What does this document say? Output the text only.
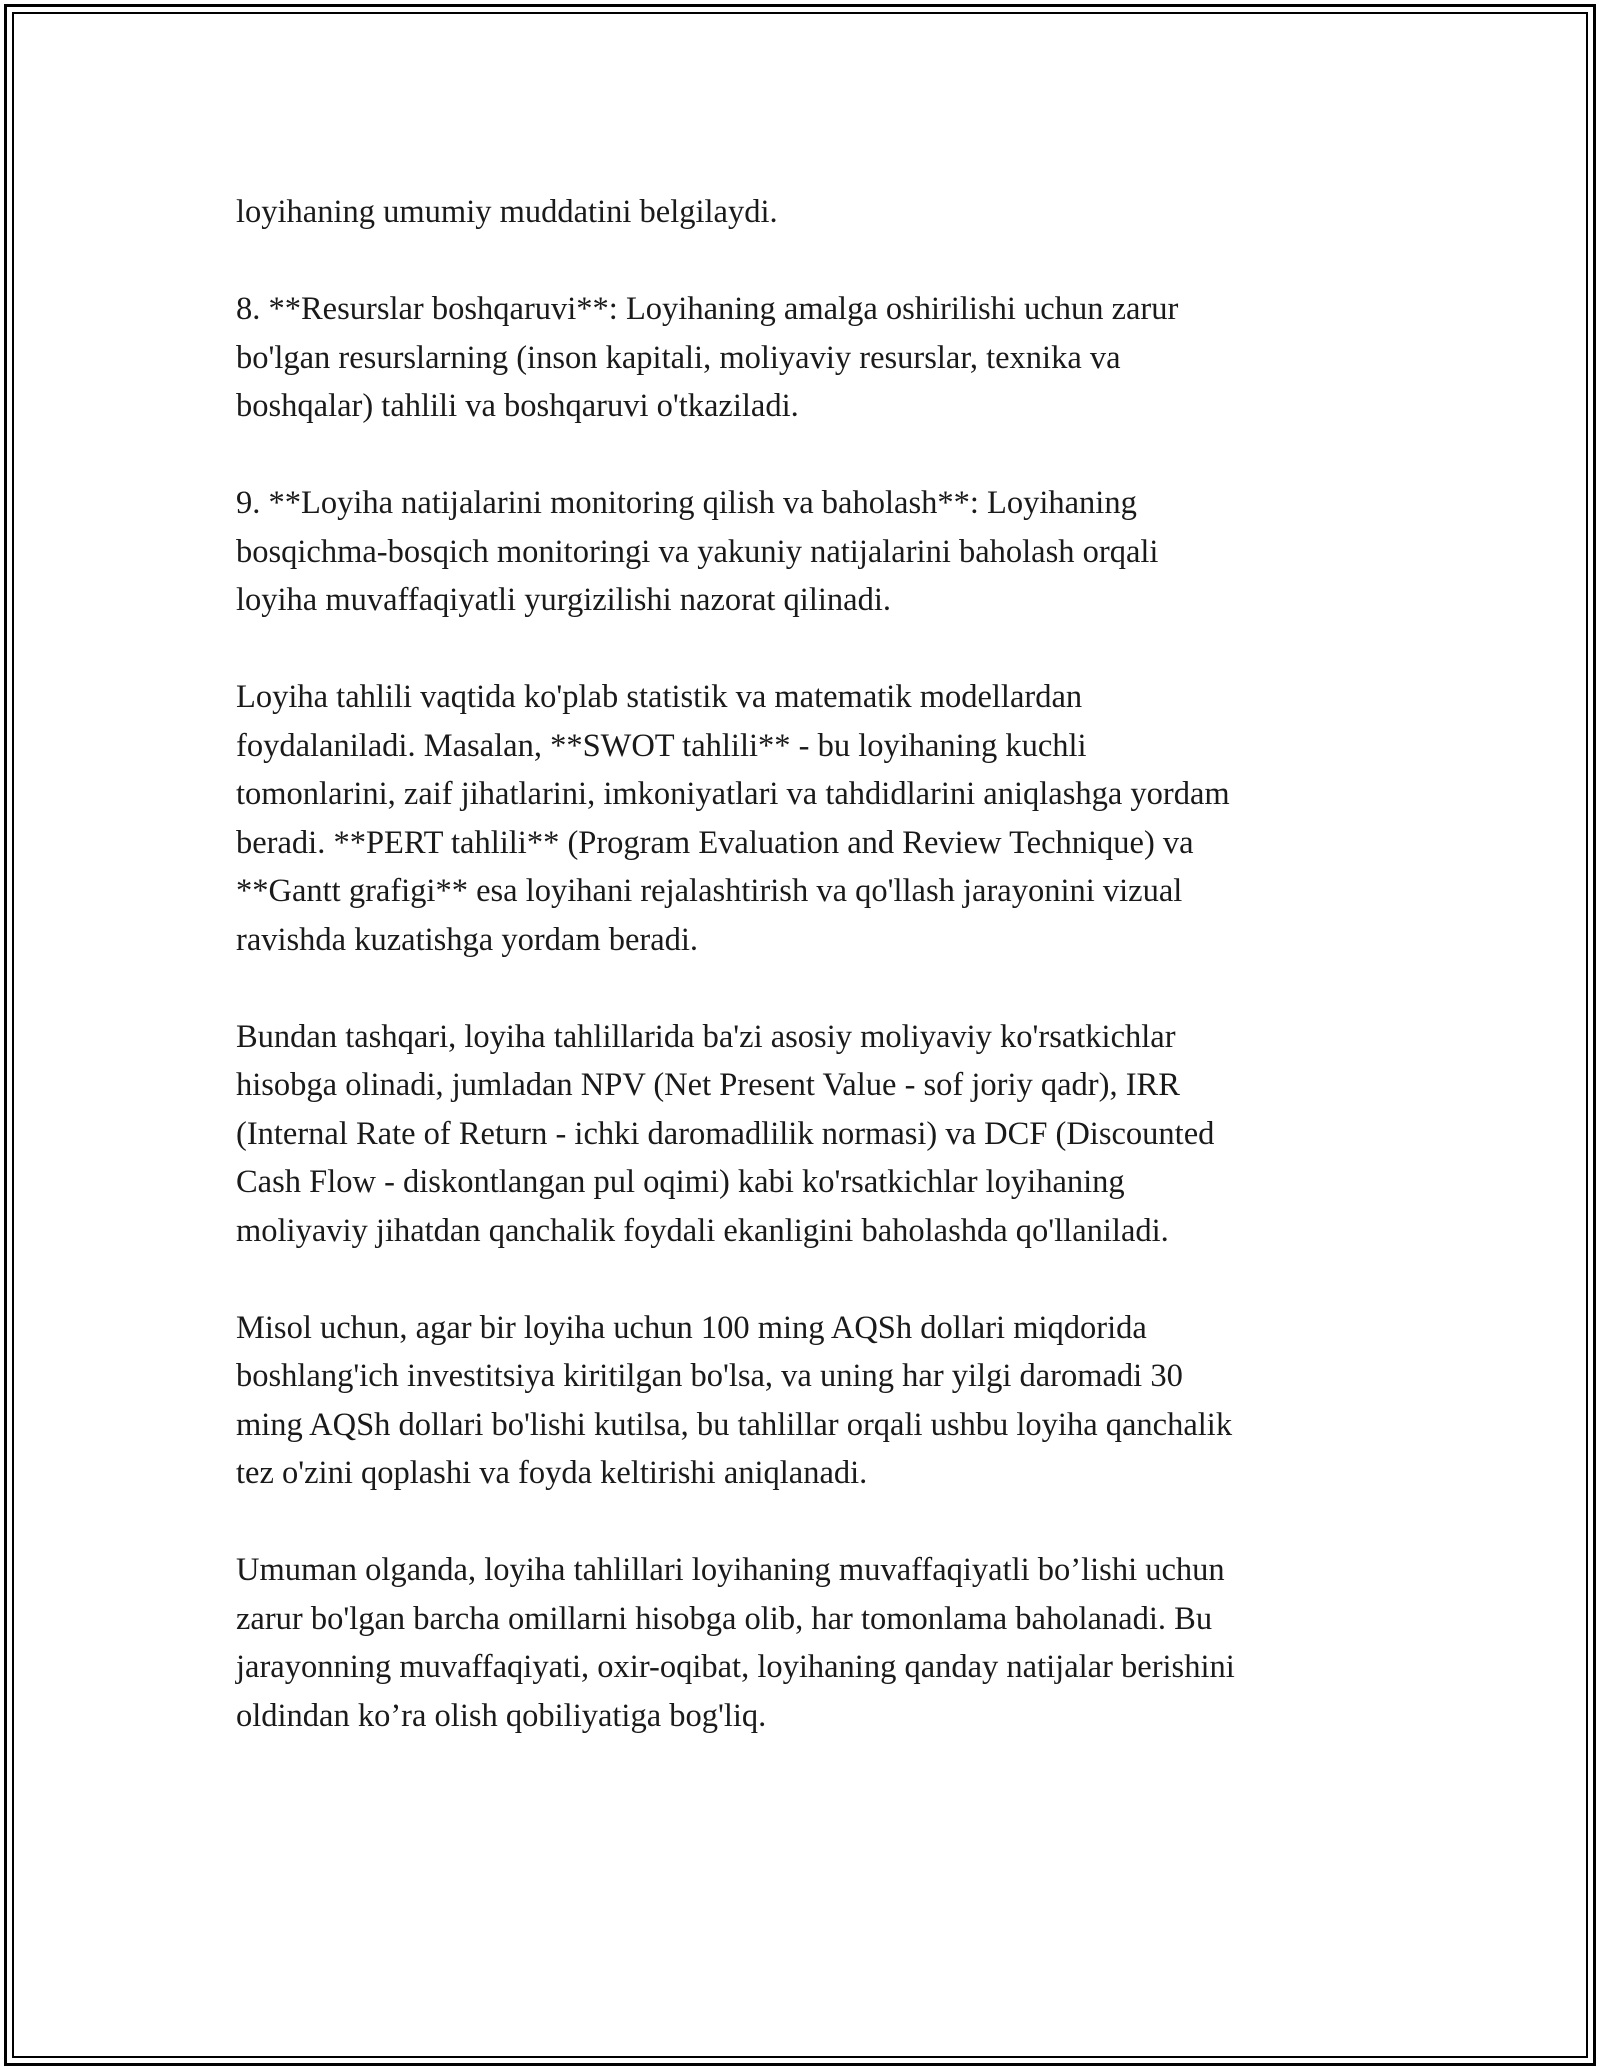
loyihaning umumiy muddatini belgilaydi.

8. **Resurslar boshqaruvi**: Loyihaning amalga oshirilishi uchun zarur
bo'lgan resurslarning (inson kapitali, moliyaviy resurslar, texnika va
boshqalar) tahlili va boshqaruvi o'tkaziladi.

9. **Loyiha natijalarini monitoring qilish va baholash**: Loyihaning
bosqichma-bosqich monitoringi va yakuniy natijalarini baholash orqali
loyiha muvaffaqiyatli yurgizilishi nazorat qilinadi.

Loyiha tahlili vaqtida ko'plab statistik va matematik modellardan
foydalaniladi. Masalan, **SWOT tahlili** - bu loyihaning kuchli
tomonlarini, zaif jihatlarini, imkoniyatlari va tahdidlarini aniqlashga yordam
beradi. **PERT tahlili** (Program Evaluation and Review Technique) va
**Gantt grafigi** esa loyihani rejalashtirish va qo'llash jarayonini vizual
ravishda kuzatishga yordam beradi.

Bundan tashqari, loyiha tahlillarida ba'zi asosiy moliyaviy ko'rsatkichlar
hisobga olinadi, jumladan NPV (Net Present Value - sof joriy qadr), IRR
(Internal Rate of Return - ichki daromadlilik normasi) va DCF (Discounted
Cash Flow - diskontlangan pul oqimi) kabi ko'rsatkichlar loyihaning
moliyaviy jihatdan qanchalik foydali ekanligini baholashda qo'llaniladi.

Misol uchun, agar bir loyiha uchun 100 ming AQSh dollari miqdorida
boshlang'ich investitsiya kiritilgan bo'lsa, va uning har yilgi daromadi 30
ming AQSh dollari bo'lishi kutilsa, bu tahlillar orqali ushbu loyiha qanchalik
tez o'zini qoplashi va foyda keltirishi aniqlanadi.

Umuman olganda, loyiha tahlillari loyihaning muvaffaqiyatli bo’lishi uchun
zarur bo'lgan barcha omillarni hisobga olib, har tomonlama baholanadi. Bu
jarayonning muvaffaqiyati, oxir-oqibat, loyihaning qanday natijalar berishini
oldindan ko’ra olish qobiliyatiga bog'liq.
